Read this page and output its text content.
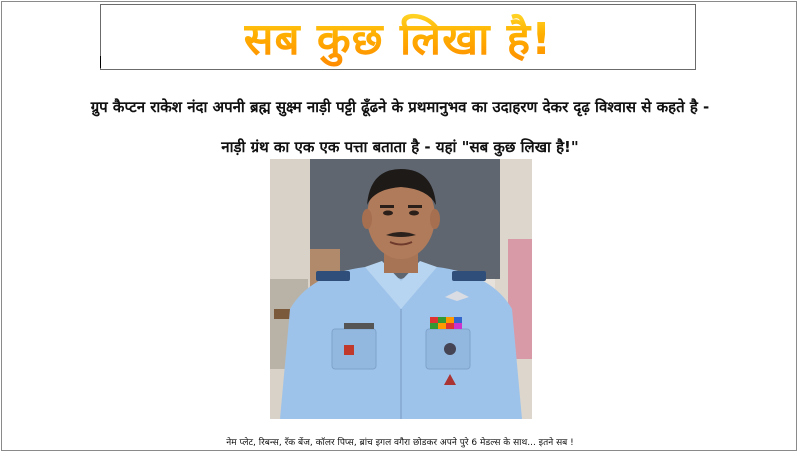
सब कुछ लिखा है!
ग्रुप कैप्टन राकेश नंदा अपनी ब्रह्म सुक्ष्म नाड़ी पट्टी ढूँढने के प्रथमानुभव का उदाहरण देकर दृढ़ विश्वास से कहते है -
नाड़ी ग्रंथ का एक एक पत्ता बताता है - यहां "सब कुछ लिखा है!"
नेम प्लेट, रिबन्स, रँक बेंज, कॉलर पिप्स, ब्रांच इगल वगैरा छोडकर अपने पुरे 6 मेडल्स के साथ... इतने सब !
